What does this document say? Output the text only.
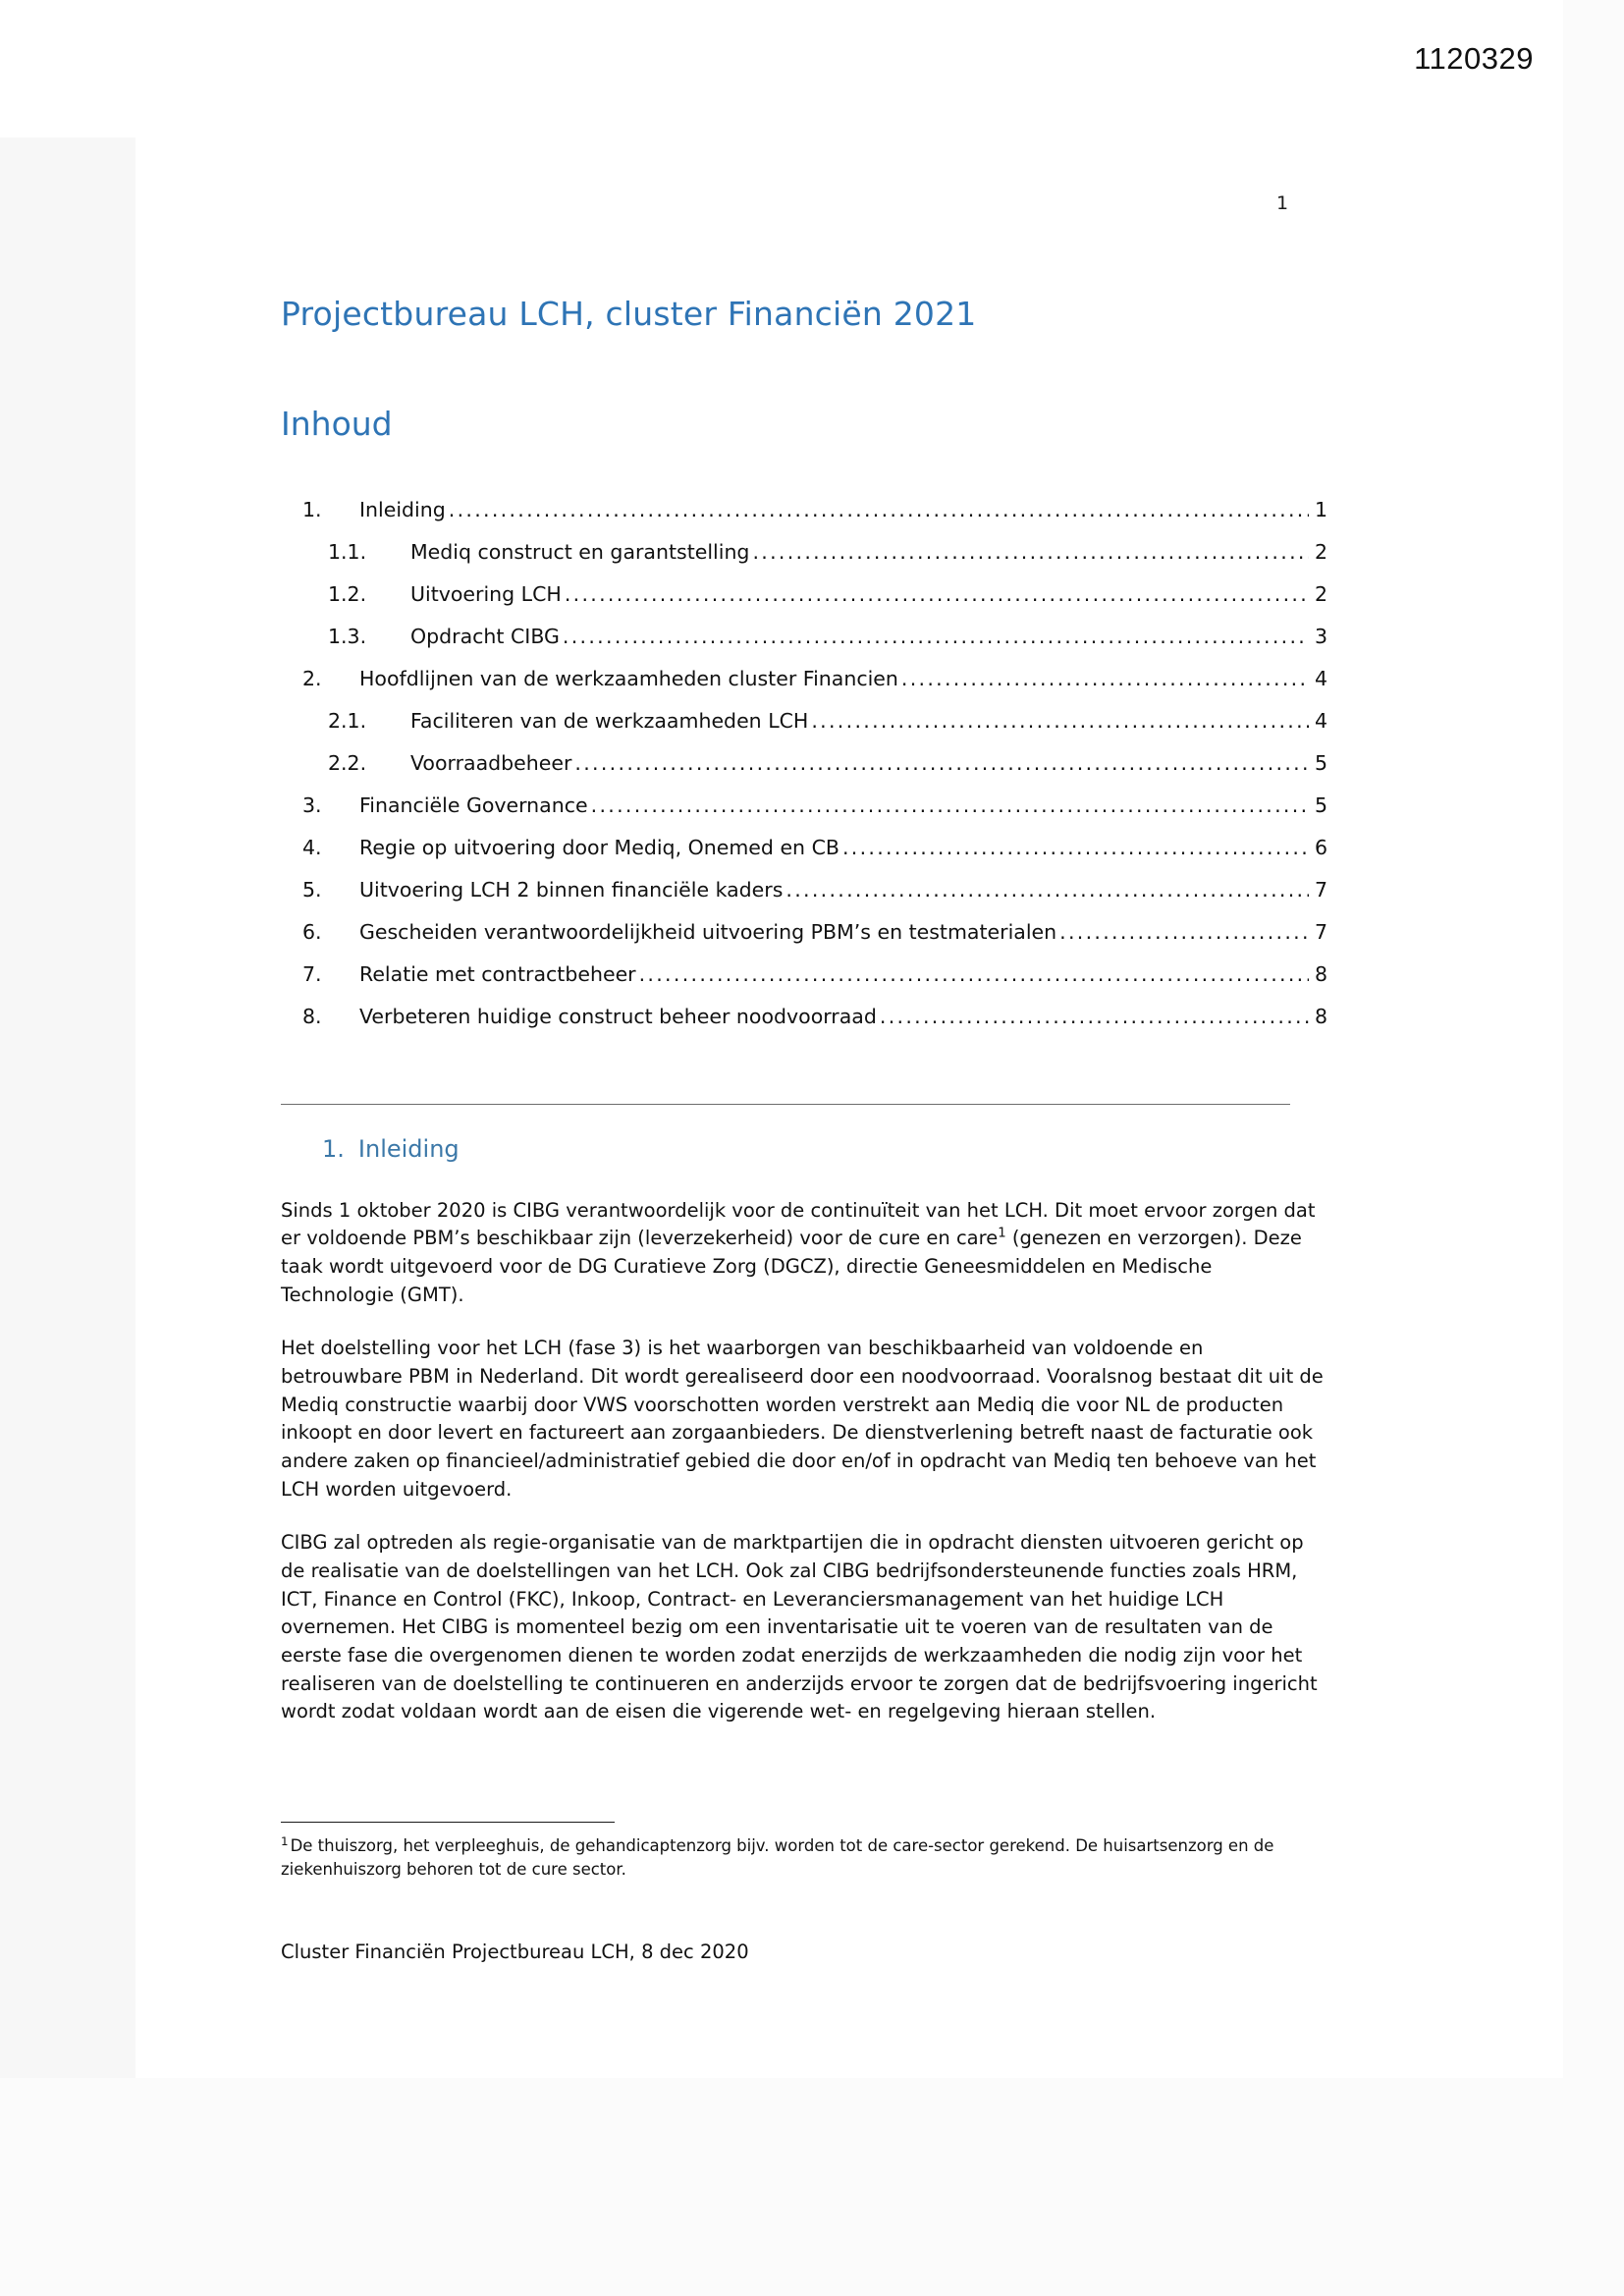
1120329
1
Projectbureau LCH, cluster Financiën 2021
Inhoud
1.	Inleiding .....	1
1.1.	Mediq construct en garantstelling .....	2
1.2.	Uitvoering LCH .....	2
1.3.	Opdracht CIBG .....	3
2.	Hoofdlijnen van de werkzaamheden cluster Financien .....	4
2.1.	Faciliteren van de werkzaamheden LCH .....	4
2.2.	Voorraadbeheer .....	5
3.	Financiële Governance .....	5
4.	Regie op uitvoering door Mediq, Onemed en CB .....	6
5.	Uitvoering LCH 2 binnen financiële kaders .....	7
6.	Gescheiden verantwoordelijkheid uitvoering PBM’s en testmaterialen .....	7
7.	Relatie met contractbeheer .....	8
8.	Verbeteren huidige construct beheer noodvoorraad .....	8
1. Inleiding

Sinds 1 oktober 2020 is CIBG verantwoordelijk voor de continuïteit van het LCH. Dit moet ervoor zorgen dat er voldoende PBM’s beschikbaar zijn (leverzekerheid) voor de cure en care$^1$ (genezen en verzorgen). Deze taak wordt uitgevoerd voor de DG Curatieve Zorg (DGCZ), directie Geneesmiddelen en Medische Technologie (GMT).

Het doelstelling voor het LCH (fase 3) is het waarborgen van beschikbaarheid van voldoende en betrouwbare PBM in Nederland. Dit wordt gerealiseerd door een noodvoorraad. Vooralsnog bestaat dit uit de Mediq constructie waarbij door VWS voorschotten worden verstrekt aan Mediq die voor NL de producten inkoopt en door levert en factureert aan zorgaanbieders. De dienstverlening betreft naast de facturatie ook andere zaken op financieel/administratief gebied die door en/of in opdracht van Mediq ten behoeve van het LCH worden uitgevoerd.

CIBG zal optreden als regie-organisatie van de marktpartijen die in opdracht diensten uitvoeren gericht op de realisatie van de doelstellingen van het LCH. Ook zal CIBG bedrijfsondersteunende functies zoals HRM, ICT, Finance en Control (FKC), Inkoop, Contract- en Leveranciersmanagement van het huidige LCH overnemen. Het CIBG is momenteel bezig om een inventarisatie uit te voeren van de resultaten van de eerste fase die overgenomen dienen te worden zodat enerzijds de werkzaamheden die nodig zijn voor het realiseren van de doelstelling te continueren en anderzijds ervoor te zorgen dat de bedrijfsvoering ingericht wordt zodat voldaan wordt aan de eisen die vigerende wet- en regelgeving hieraan stellen.

$^1$ De thuiszorg, het verpleeghuis, de gehandicaptenzorg bijv. worden tot de care-sector gerekend. De huisartsenzorg en de ziekenhuiszorg behoren tot de cure sector.

Cluster Financiën Projectbureau LCH, 8 dec 2020
